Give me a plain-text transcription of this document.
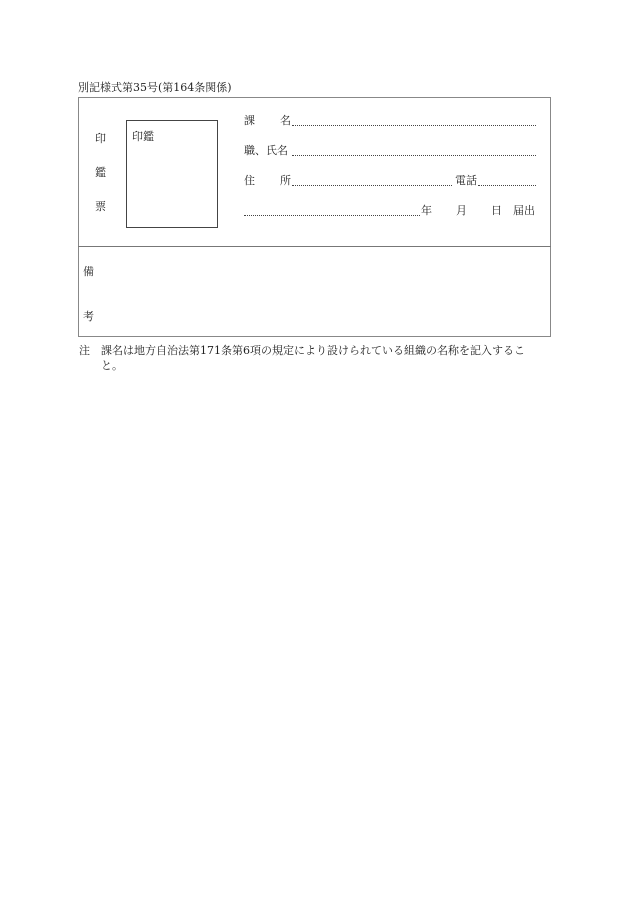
別記様式第35号(第164条関係)
印
鑑
票
印鑑
課 名
職、氏名
住 所	電話
年 月 日 届出
備
考
注 課名は地方自治法第171条第6項の規定により設けられている組織の名称を記入するこ
と。
